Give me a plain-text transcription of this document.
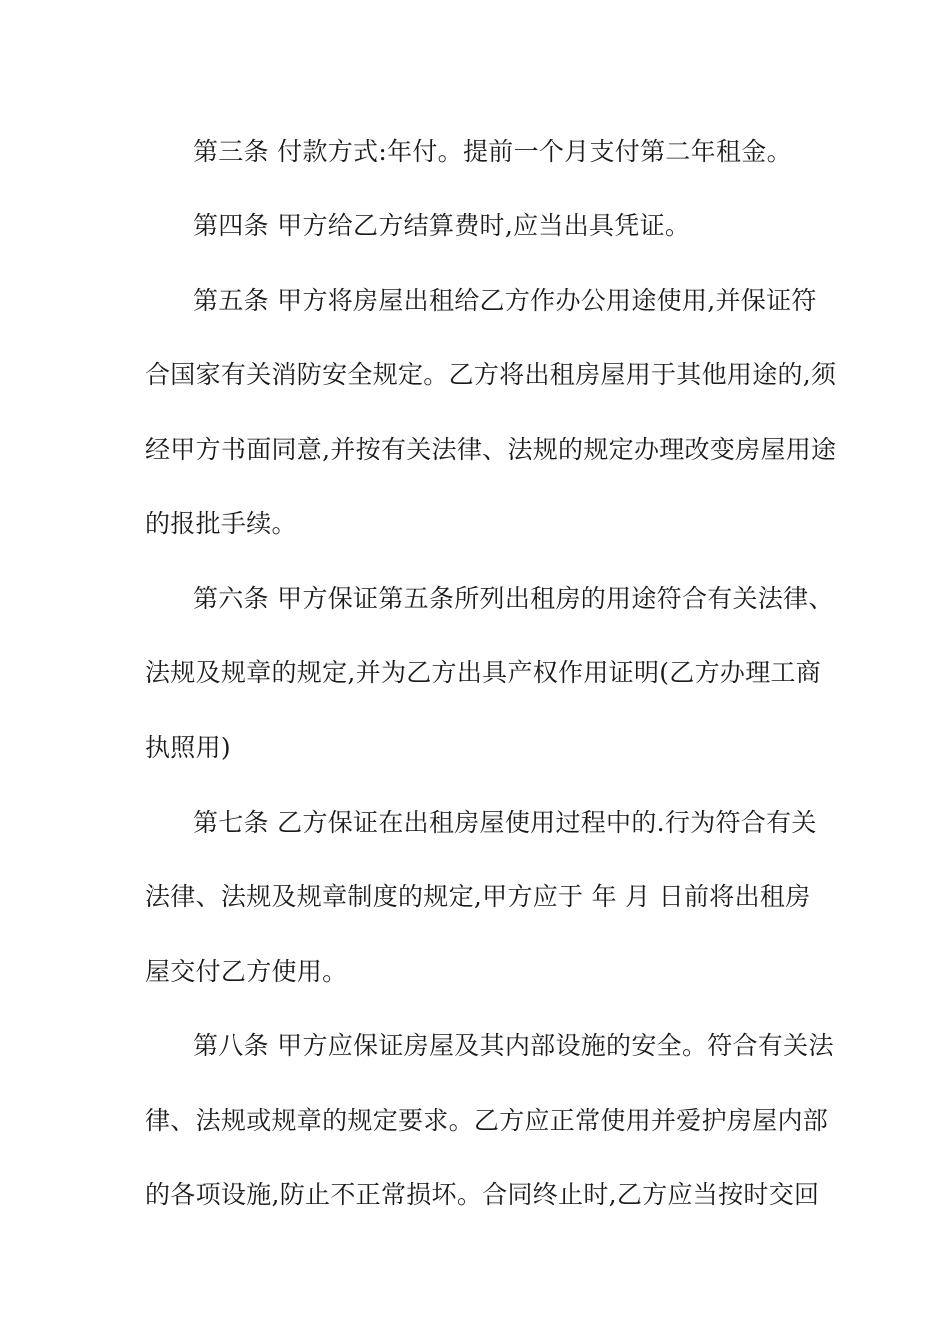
第三条 付款方式:年付。提前一个月支付第二年租金。
第四条 甲方给乙方结算费时,应当出具凭证。
第五条 甲方将房屋出租给乙方作办公用途使用,并保证符
合国家有关消防安全规定。乙方将出租房屋用于其他用途的,须
经甲方书面同意,并按有关法律、法规的规定办理改变房屋用途
的报批手续。
第六条 甲方保证第五条所列出租房的用途符合有关法律、
法规及规章的规定,并为乙方出具产权作用证明(乙方办理工商
执照用)
第七条 乙方保证在出租房屋使用过程中的.行为符合有关
法律、法规及规章制度的规定,甲方应于 年 月 日前将出租房
屋交付乙方使用。
第八条 甲方应保证房屋及其内部设施的安全。符合有关法
律、法规或规章的规定要求。乙方应正常使用并爱护房屋内部
的各项设施,防止不正常损坏。合同终止时,乙方应当按时交回
